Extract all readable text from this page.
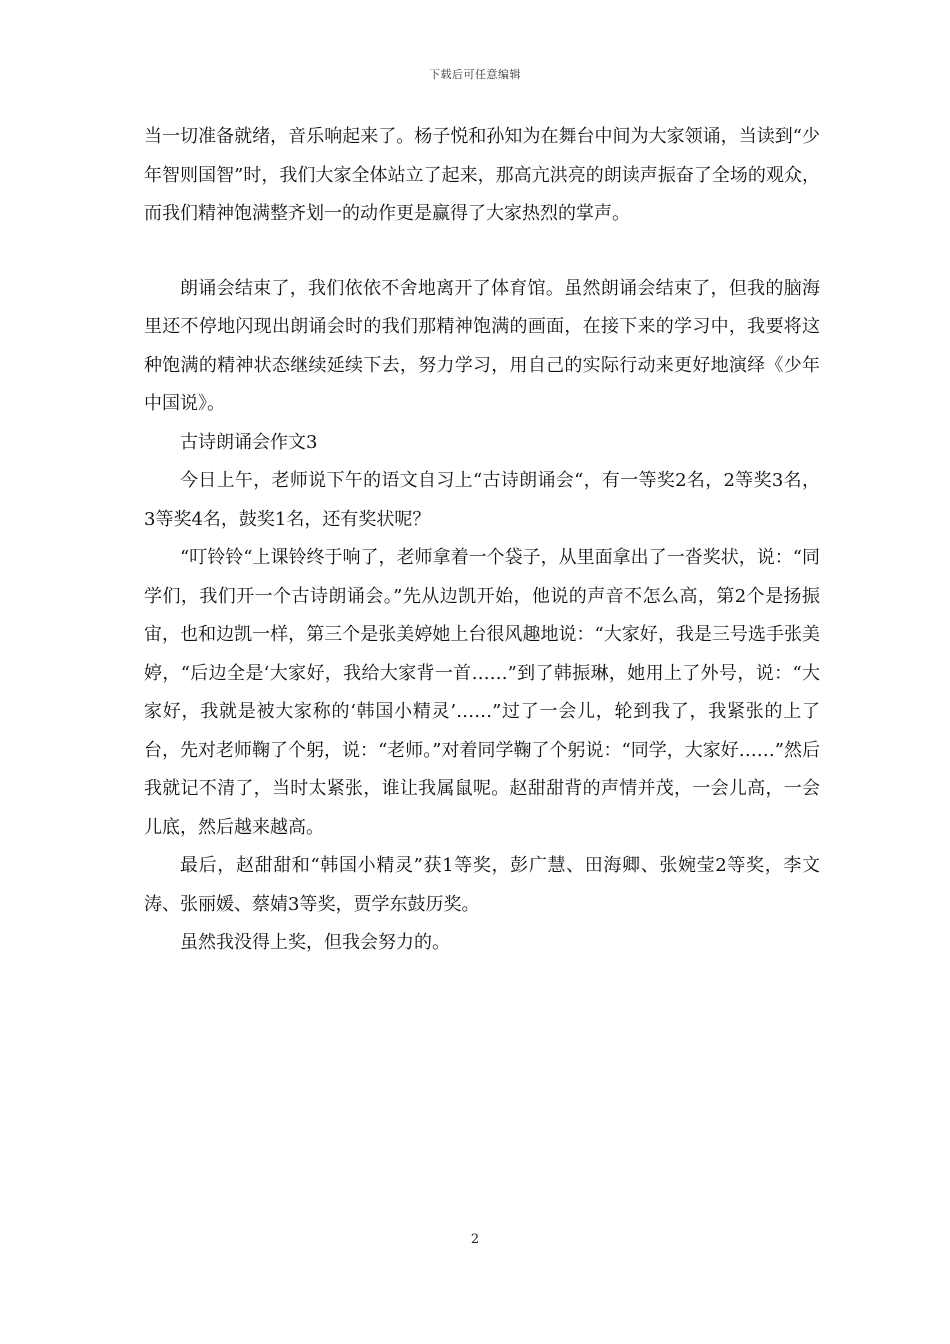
下载后可任意编辑

当一切准备就绪，音乐响起来了。杨子悦和孙知为在舞台中间为大家领诵，当读到“少年智则国智”时，我们大家全体站立了起来，那高亢洪亮的朗读声振奋了全场的观众，而我们精神饱满整齐划一的动作更是赢得了大家热烈的掌声。

朗诵会结束了，我们依依不舍地离开了体育馆。虽然朗诵会结束了，但我的脑海里还不停地闪现出朗诵会时的我们那精神饱满的画面，在接下来的学习中，我要将这种饱满的精神状态继续延续下去，努力学习，用自己的实际行动来更好地演绎《少年中国说》。

古诗朗诵会作文3

今日上午，老师说下午的语文自习上“古诗朗诵会“，有一等奖2名，2等奖3名，3等奖4名，鼓奖1名，还有奖状呢？

“叮铃铃“上课铃终于响了，老师拿着一个袋子，从里面拿出了一沓奖状，说：“同学们，我们开一个古诗朗诵会。”先从边凯开始，他说的声音不怎么高，第2个是扬振宙，也和边凯一样，第三个是张美婷她上台很风趣地说：“大家好，我是三号选手张美婷，“后边全是‘大家好，我给大家背一首……”到了韩振琳，她用上了外号，说：“大家好，我就是被大家称的‘韩国小精灵’……”过了一会儿，轮到我了，我紧张的上了台，先对老师鞠了个躬，说：“老师。”对着同学鞠了个躬说：“同学，大家好……”然后我就记不清了，当时太紧张，谁让我属鼠呢。赵甜甜背的声情并茂，一会儿高，一会儿底，然后越来越高。

最后，赵甜甜和“韩国小精灵”获1等奖，彭广慧、田海卿、张婉莹2等奖，李文涛、张丽媛、蔡婧3等奖，贾学东鼓历奖。

虽然我没得上奖，但我会努力的。

2
